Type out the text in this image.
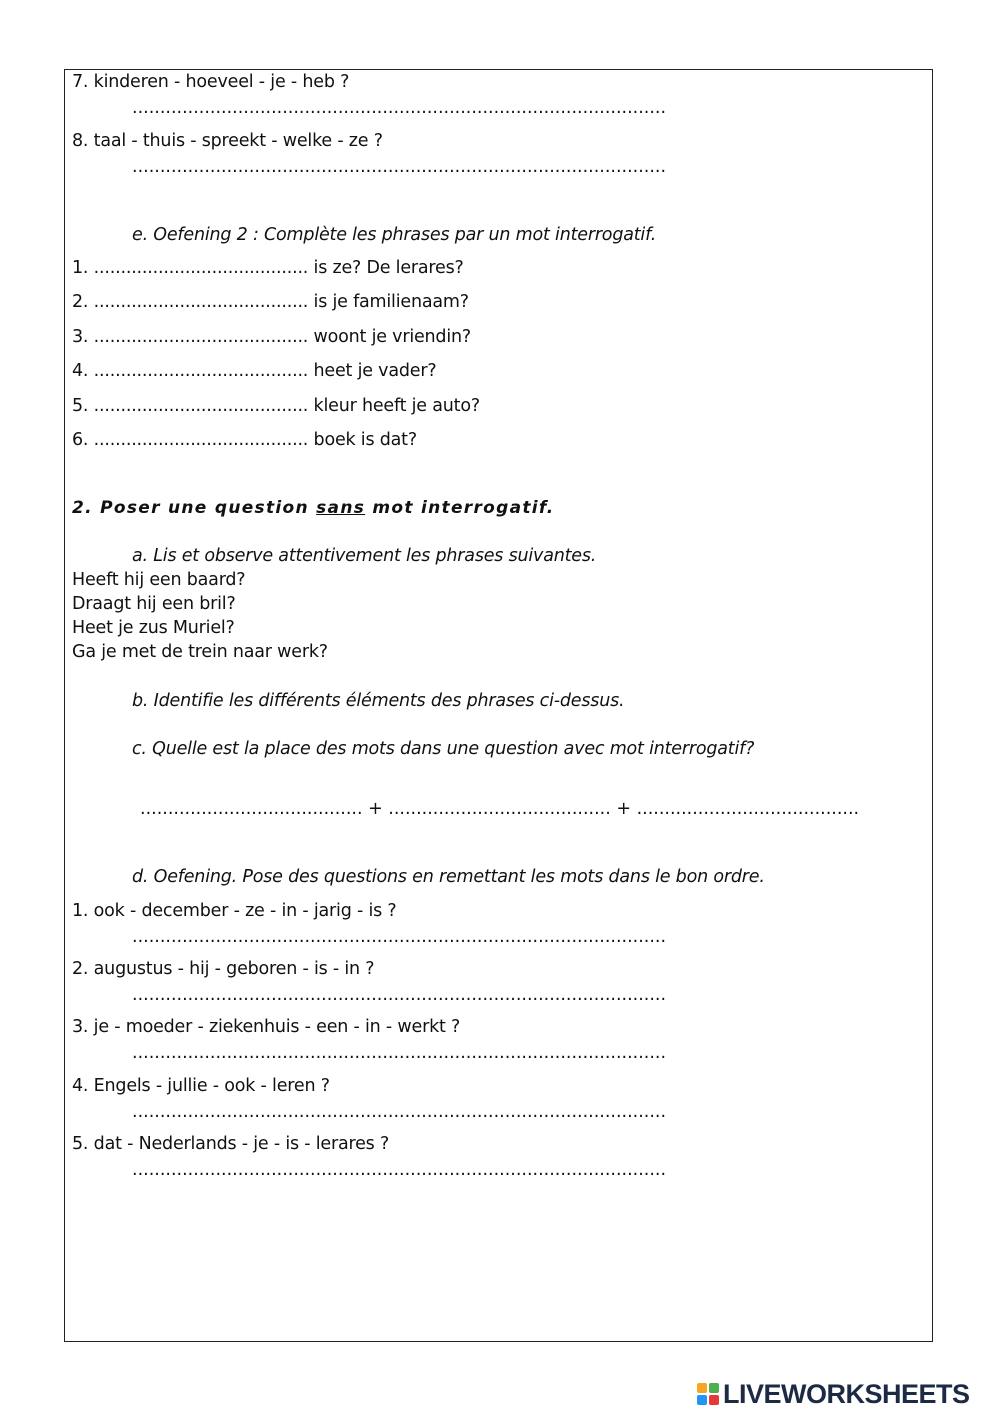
7. kinderen - hoeveel - je - heb ?
................................................................................................
8. taal - thuis - spreekt - welke - ze ?
................................................................................................
e. Oefening 2 : Complète les phrases par un mot interrogatif.
1. ........................................ is ze? De lerares?
2. ........................................ is je familienaam?
3. ........................................ woont je vriendin?
4. ........................................ heet je vader?
5. ........................................ kleur heeft je auto?
6. ........................................ boek is dat?
2. Poser une question sans mot interrogatif.
a. Lis et observe attentivement les phrases suivantes.
Heeft hij een baard?
Draagt hij een bril?
Heet je zus Muriel?
Ga je met de trein naar werk?
b. Identifie les différents éléments des phrases ci-dessus.
c. Quelle est la place des mots dans une question avec mot interrogatif?
........................................ + ........................................ + ........................................
d. Oefening. Pose des questions en remettant les mots dans le bon ordre.
1. ook - december - ze - in - jarig - is ?
................................................................................................
2. augustus - hij - geboren - is - in ?
................................................................................................
3. je - moeder - ziekenhuis - een - in - werkt ?
................................................................................................
4. Engels - jullie - ook - leren ?
................................................................................................
5. dat - Nederlands - je - is - lerares ?
................................................................................................
LIVEWORKSHEETS
